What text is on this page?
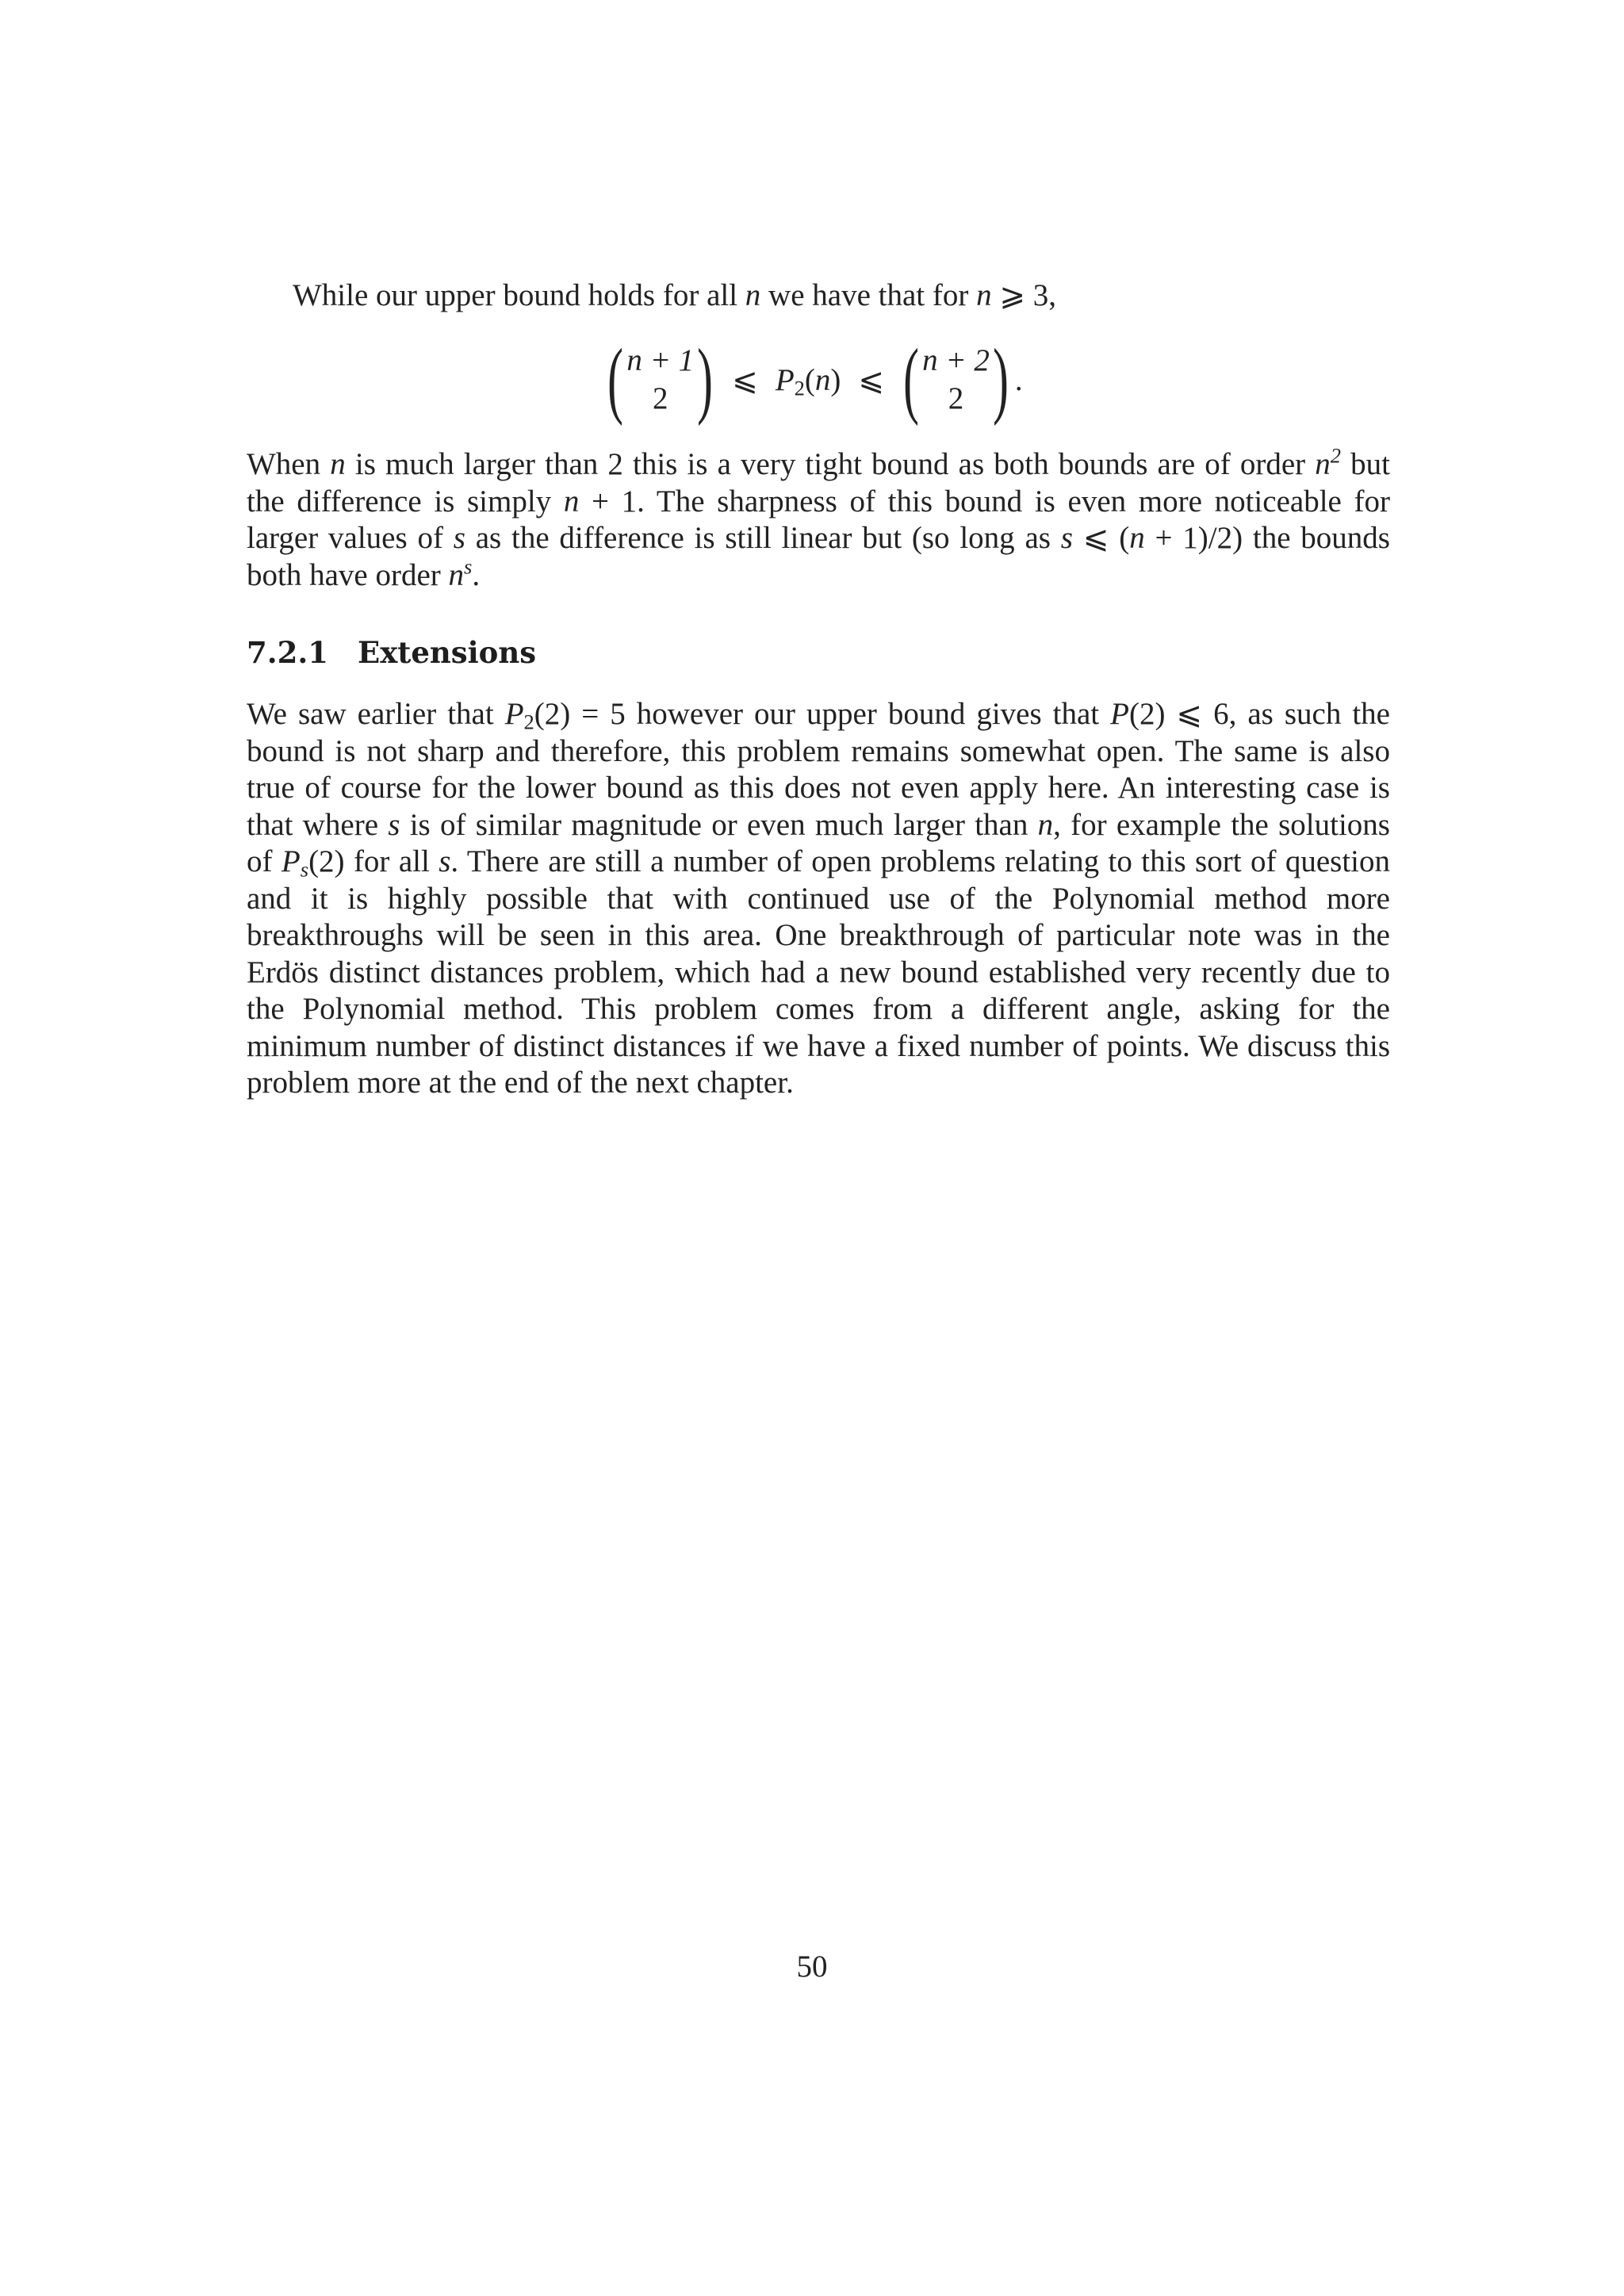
While our upper bound holds for all n we have that for n ⩾ 3,

( n + 1
2 ) ⩽ $P_2(n)$ ⩽ ( n + 2
2 ) .

When n is much larger than 2 this is a very tight bound as both bounds are of order $n^2$ but the difference is simply n + 1. The sharpness of this bound is even more noticeable for larger values of s as the difference is still linear but (so long as s ⩽ (n + 1)/2) the bounds both have order $n^s$.

7.2.1 Extensions

We saw earlier that $P_2(2) = 5$ however our upper bound gives that P(2) ⩽ 6, as such the bound is not sharp and therefore, this problem remains somewhat open. The same is also true of course for the lower bound as this does not even apply here. An interesting case is that where s is of similar magnitude or even much larger than n, for example the solutions of $P_s(2)$ for all s. There are still a number of open problems relating to this sort of question and it is highly possible that with continued use of the Polynomial method more breakthroughs will be seen in this area. One breakthrough of particular note was in the Erdös distinct distances problem, which had a new bound established very recently due to the Polynomial method. This problem comes from a different angle, asking for the minimum number of distinct distances if we have a fixed number of points. We discuss this problem more at the end of the next chapter.

50
